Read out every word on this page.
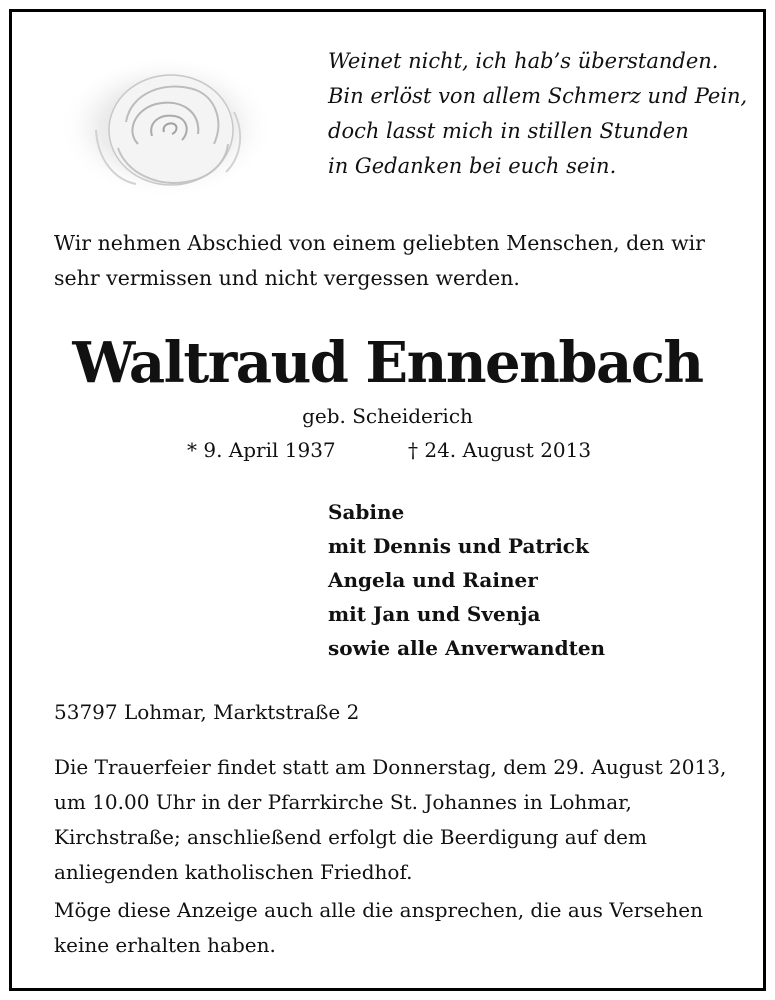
Weinet nicht, ich hab’s überstanden.
Bin erlöst von allem Schmerz und Pein,
doch lasst mich in stillen Stunden
in Gedanken bei euch sein.
Wir nehmen Abschied von einem geliebten Menschen, den wir sehr vermissen und nicht vergessen werden.
Waltraud Ennenbach
geb. Scheiderich
* 9. April 1937	† 24. August 2013
Sabine
mit Dennis und Patrick
Angela und Rainer
mit Jan und Svenja
sowie alle Anverwandten
53797 Lohmar, Marktstraße 2
Die Trauerfeier findet statt am Donnerstag, dem 29. August 2013, um 10.00 Uhr in der Pfarrkirche St. Johannes in Lohmar, Kirchstraße; anschließend erfolgt die Beerdigung auf dem anliegenden katholischen Friedhof.
Möge diese Anzeige auch alle die ansprechen, die aus Versehen keine erhalten haben.
